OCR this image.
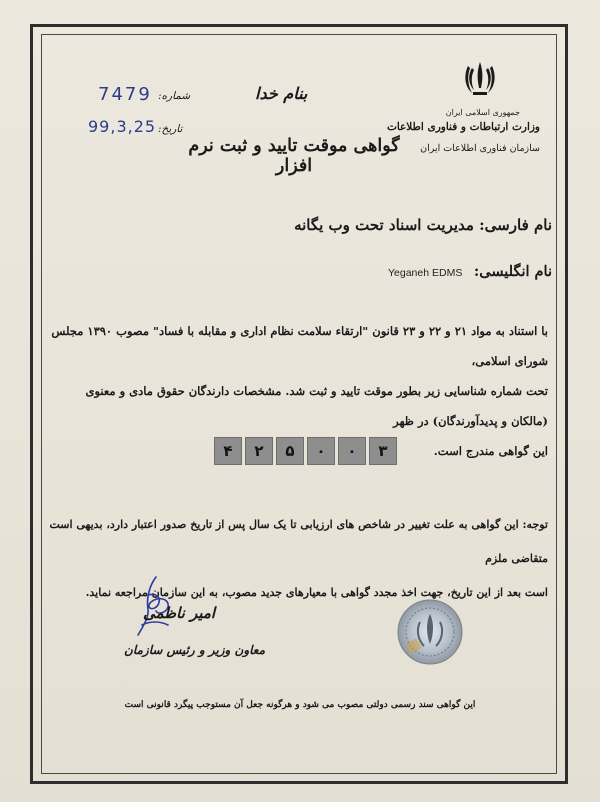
جمهوری اسلامی ایران
وزارت ارتباطات و فناوری اطلاعات
سازمان فناوری اطلاعات ایران
بنام خدا
گواهی موقت تایید و ثبت نرم افزار
شماره:
7479
تاریخ:
99,3,25
نام فارسی: مدیریت اسناد تحت وب یگانه
نام انگلیسی:
Yeganeh EDMS
با استناد به مواد ۲۱ و ۲۲ و ۲۳ قانون "ارتقاء سلامت نظام اداری و مقابله با فساد" مصوب ۱۳۹۰ مجلس شورای اسلامی،
تحت شماره شناسایی زیر بطور موقت تایید و ثبت شد. مشخصات دارندگان حقوق مادی و معنوی (مالکان و پدیدآورندگان) در ظهر
این گواهی مندرج است.
۳
۰
۰
۵
۲
۴
توجه: این گواهی به علت تغییر در شاخص های ارزیابی تا یک سال پس از تاریخ صدور اعتبار دارد، بدیهی است متقاضی ملزم
است بعد از این تاریخ، جهت اخذ مجدد گواهی با معیارهای جدید مصوب، به این سازمان مراجعه نماید.
امیر ناظمی
معاون وزیر و رئیس سازمان
این گواهی سند رسمی دولتی مصوب می شود و هرگونه جعل آن مستوجب پیگرد قانونی است
